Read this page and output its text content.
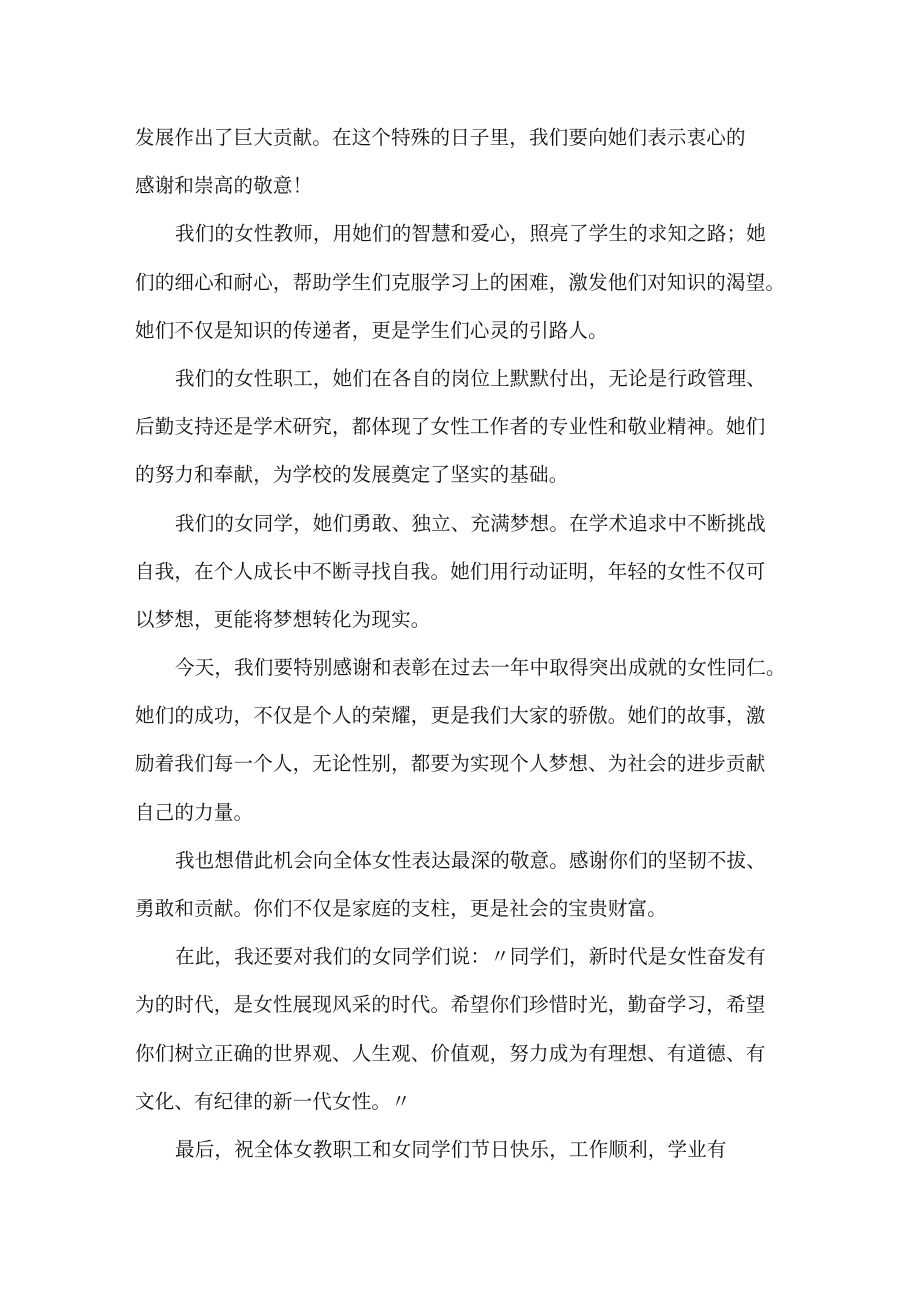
发展作出了巨大贡献。在这个特殊的日子里，我们要向她们表示衷心的
感谢和崇高的敬意！
我们的女性教师，用她们的智慧和爱心，照亮了学生的求知之路；她
们的细心和耐心，帮助学生们克服学习上的困难，激发他们对知识的渴望。
她们不仅是知识的传递者，更是学生们心灵的引路人。
我们的女性职工，她们在各自的岗位上默默付出，无论是行政管理、
后勤支持还是学术研究，都体现了女性工作者的专业性和敬业精神。她们
的努力和奉献，为学校的发展奠定了坚实的基础。
我们的女同学，她们勇敢、独立、充满梦想。在学术追求中不断挑战
自我，在个人成长中不断寻找自我。她们用行动证明，年轻的女性不仅可
以梦想，更能将梦想转化为现实。
今天，我们要特别感谢和表彰在过去一年中取得突出成就的女性同仁。
她们的成功，不仅是个人的荣耀，更是我们大家的骄傲。她们的故事，激
励着我们每一个人，无论性别，都要为实现个人梦想、为社会的进步贡献
自己的力量。
我也想借此机会向全体女性表达最深的敬意。感谢你们的坚韧不拔、
勇敢和贡献。你们不仅是家庭的支柱，更是社会的宝贵财富。
在此，我还要对我们的女同学们说：〃同学们，新时代是女性奋发有
为的时代，是女性展现风采的时代。希望你们珍惜时光，勤奋学习，希望
你们树立正确的世界观、人生观、价值观，努力成为有理想、有道德、有
文化、有纪律的新一代女性。〃
最后，祝全体女教职工和女同学们节日快乐，工作顺利，学业有
